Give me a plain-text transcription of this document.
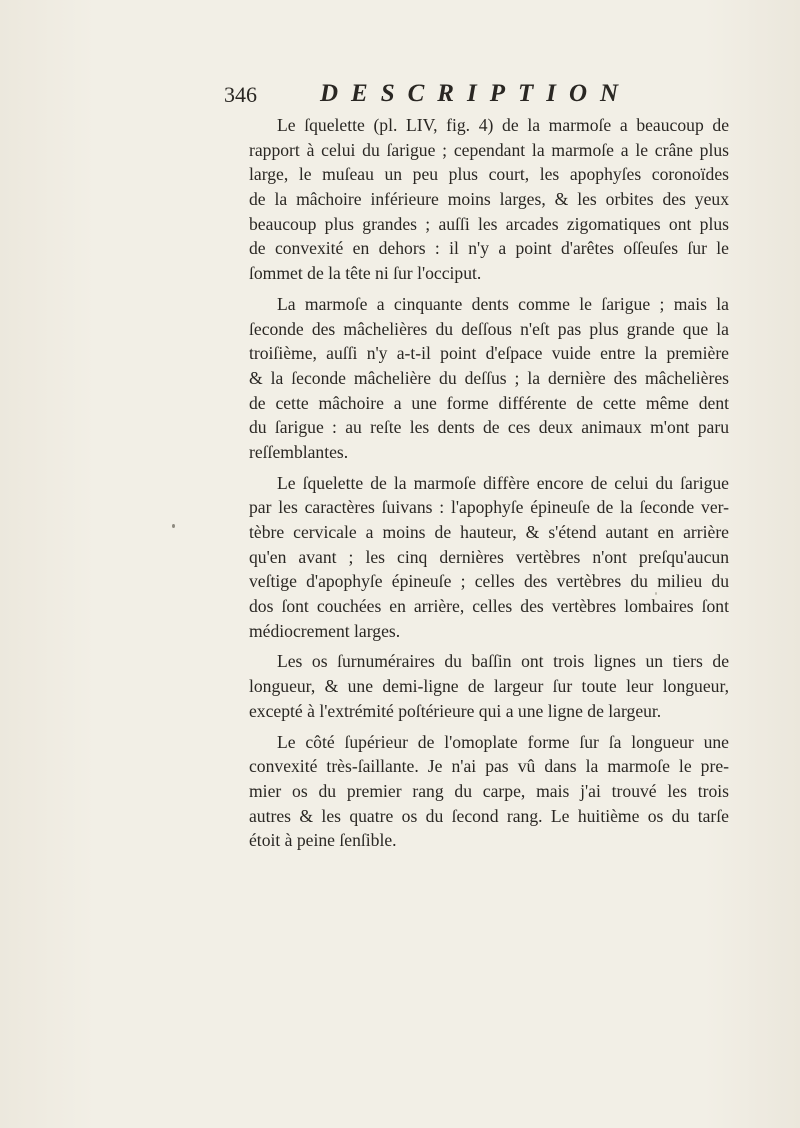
346	DESCRIPTION
Le ſquelette (pl. LIV, fig. 4) de la marmoſe a beaucoup de
rapport à celui du ſarigue ; cependant la marmoſe a le crâne plus
large, le muſeau un peu plus court, les apophyſes coronoïdes
de la mâchoire inférieure moins larges, & les orbites des yeux
beaucoup plus grandes ; auſſi les arcades zigomatiques ont plus
de convexité en dehors : il n'y a point d'arêtes oſſeuſes ſur le
ſommet de la tête ni ſur l'occiput.
La marmoſe a cinquante dents comme le ſarigue ; mais la
ſeconde des mâchelières du deſſous n'eſt pas plus grande que la
troiſième, auſſi n'y a-t-il point d'eſpace vuide entre la première
& la ſeconde mâchelière du deſſus ; la dernière des mâchelières
de cette mâchoire a une forme différente de cette même dent
du ſarigue : au reſte les dents de ces deux animaux m'ont paru
reſſemblantes.
Le ſquelette de la marmoſe diffère encore de celui du ſarigue
par les caractères ſuivans : l'apophyſe épineuſe de la ſeconde ver-
tèbre cervicale a moins de hauteur, & s'étend autant en arrière
qu'en avant ; les cinq dernières vertèbres n'ont preſqu'aucun
veſtige d'apophyſe épineuſe ; celles des vertèbres du milieu du
dos ſont couchées en arrière, celles des vertèbres lombaires ſont
médiocrement larges.
Les os ſurnuméraires du baſſin ont trois lignes un tiers de
longueur, & une demi-ligne de largeur ſur toute leur longueur,
excepté à l'extrémité poſtérieure qui a une ligne de largeur.
Le côté ſupérieur de l'omoplate forme ſur ſa longueur une
convexité très-ſaillante. Je n'ai pas vû dans la marmoſe le pre-
mier os du premier rang du carpe, mais j'ai trouvé les trois
autres & les quatre os du ſecond rang. Le huitième os du tarſe
étoit à peine ſenſible.
